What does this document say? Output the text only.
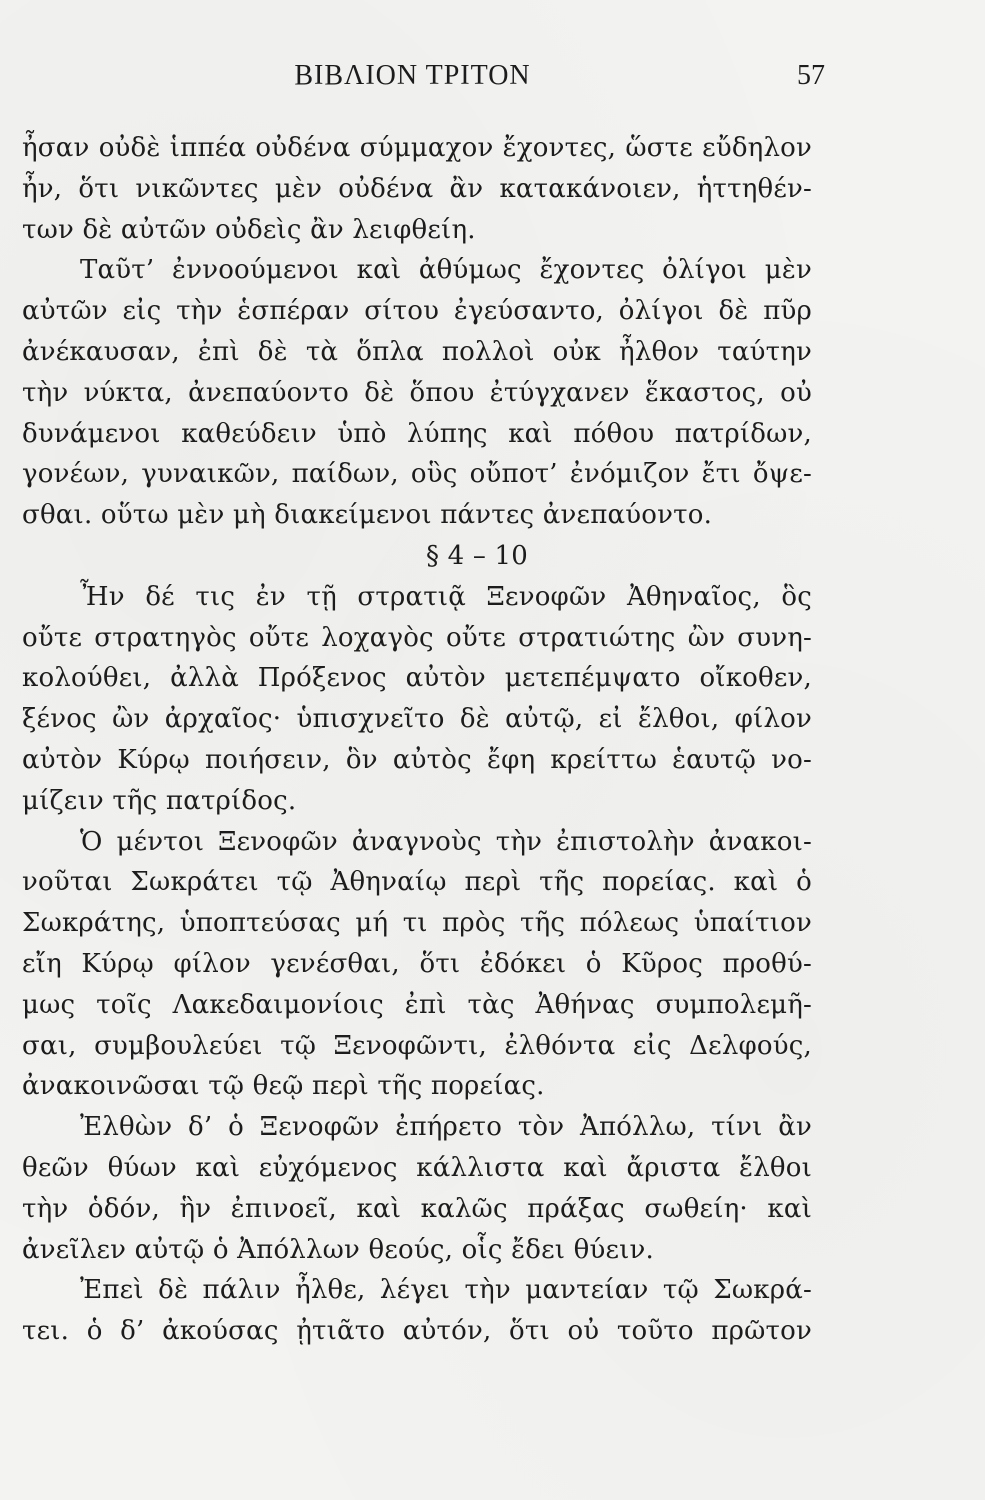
ΒΙΒΛΙΟΝ ΤΡΙΤΟΝ	57
ἦσαν οὐδὲ ἱππέα οὐδένα σύμμαχον ἔχοντες, ὥστε εὔδηλον
ἦν, ὅτι νικῶντες μὲν οὐδένα ἂν κατακάνοιεν, ἡττηθέν-
των δὲ αὐτῶν οὐδεὶς ἂν λειφθείη.
Ταῦτ’ ἐννοούμενοι καὶ ἀθύμως ἔχοντες ὀλίγοι μὲν
αὐτῶν εἰς τὴν ἑσπέραν σίτου ἐγεύσαντο, ὀλίγοι δὲ πῦρ
ἀνέκαυσαν, ἐπὶ δὲ τὰ ὅπλα πολλοὶ οὐκ ἦλθον ταύτην
τὴν νύκτα, ἀνεπαύοντο δὲ ὅπου ἐτύγχανεν ἕκαστος, οὐ
δυνάμενοι καθεύδειν ὑπὸ λύπης καὶ πόθου πατρίδων,
γονέων, γυναικῶν, παίδων, οὓς οὔποτ’ ἐνόμιζον ἔτι ὄψε-
σθαι. οὕτω μὲν μὴ διακείμενοι πάντες ἀνεπαύοντο.
§ 4 – 10
Ἦν δέ τις ἐν τῇ στρατιᾷ Ξενοφῶν Ἀθηναῖος, ὃς
οὔτε στρατηγὸς οὔτε λοχαγὸς οὔτε στρατιώτης ὢν συνη-
κολούθει, ἀλλὰ Πρόξενος αὐτὸν μετεπέμψατο οἴκοθεν,
ξένος ὢν ἀρχαῖος· ὑπισχνεῖτο δὲ αὐτῷ, εἰ ἔλθοι, φίλον
αὐτὸν Κύρῳ ποιήσειν, ὃν αὐτὸς ἔφη κρείττω ἑαυτῷ νο-
μίζειν τῆς πατρίδος.
Ὁ μέντοι Ξενοφῶν ἀναγνοὺς τὴν ἐπιστολὴν ἀνακοι-
νοῦται Σωκράτει τῷ Ἀθηναίῳ περὶ τῆς πορείας. καὶ ὁ
Σωκράτης, ὑποπτεύσας μή τι πρὸς τῆς πόλεως ὑπαίτιον
εἴη Κύρῳ φίλον γενέσθαι, ὅτι ἐδόκει ὁ Κῦρος προθύ-
μως τοῖς Λακεδαιμονίοις ἐπὶ τὰς Ἀθήνας συμπολεμῆ-
σαι, συμβουλεύει τῷ Ξενοφῶντι, ἐλθόντα εἰς Δελφούς,
ἀνακοινῶσαι τῷ θεῷ περὶ τῆς πορείας.
Ἐλθὼν δ’ ὁ Ξενοφῶν ἐπήρετο τὸν Ἀπόλλω, τίνι ἂν
θεῶν θύων καὶ εὐχόμενος κάλλιστα καὶ ἄριστα ἔλθοι
τὴν ὁδόν, ἣν ἐπινοεῖ, καὶ καλῶς πράξας σωθείη· καὶ
ἀνεῖλεν αὐτῷ ὁ Ἀπόλλων θεούς, οἷς ἔδει θύειν.
Ἐπεὶ δὲ πάλιν ἦλθε, λέγει τὴν μαντείαν τῷ Σωκρά-
τει. ὁ δ’ ἀκούσας ᾐτιᾶτο αὐτόν, ὅτι οὐ τοῦτο πρῶτον
